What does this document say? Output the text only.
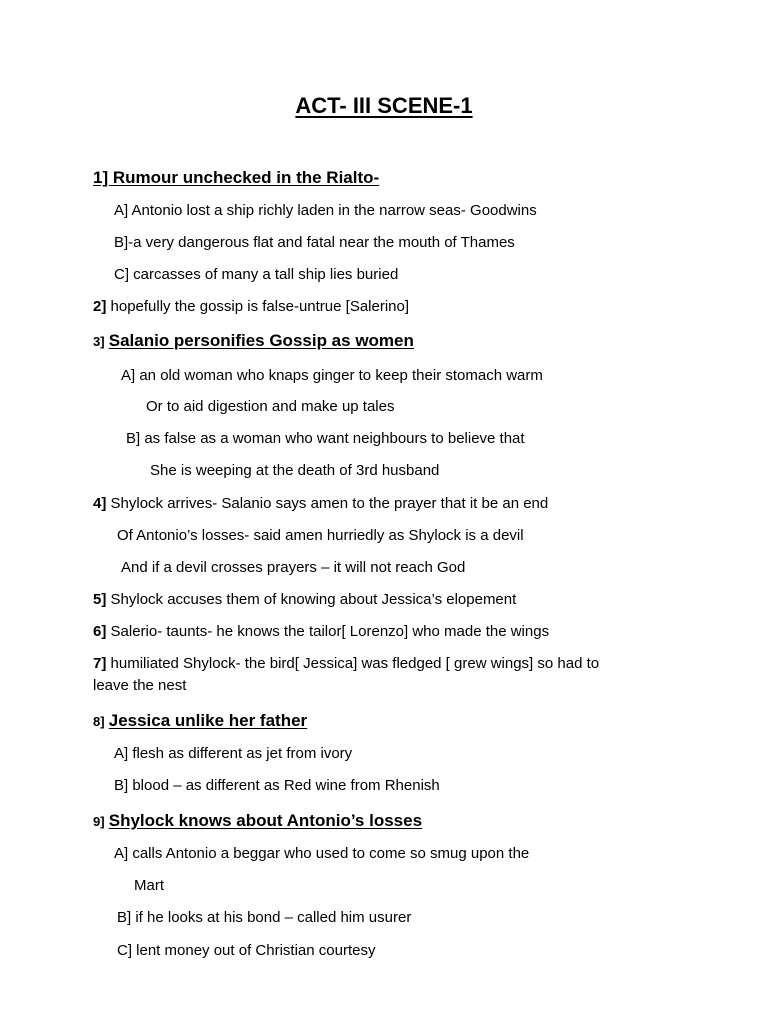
ACT- III SCENE-1
1] Rumour unchecked in the Rialto-
A] Antonio lost a ship richly laden in the narrow seas- Goodwins
B]-a very dangerous flat and fatal near the mouth of Thames
C] carcasses of many a tall ship lies buried
2] hopefully the gossip is false-untrue [Salerino]
3] Salanio personifies Gossip as women
A] an old woman who knaps ginger to keep their stomach warm
Or to aid digestion and make up tales
B] as false as a woman who want neighbours to believe that
She is weeping at the death of 3rd husband
4] Shylock arrives- Salanio says amen to the prayer that it be an end
Of Antonio’s losses- said amen hurriedly as Shylock is a devil
And if a devil crosses prayers – it will not reach God
5] Shylock accuses them of knowing about Jessica’s elopement
6] Salerio- taunts- he knows the tailor[ Lorenzo] who made the wings
7] humiliated Shylock- the bird[ Jessica] was fledged [ grew wings] so had to
leave the nest
8] Jessica unlike her father
A] flesh as different as jet from ivory
B] blood – as different as Red wine from Rhenish
9] Shylock knows about Antonio’s losses
A] calls Antonio a beggar who used to come so smug upon the
Mart
B] if he looks at his bond – called him usurer
C] lent money out of Christian courtesy
